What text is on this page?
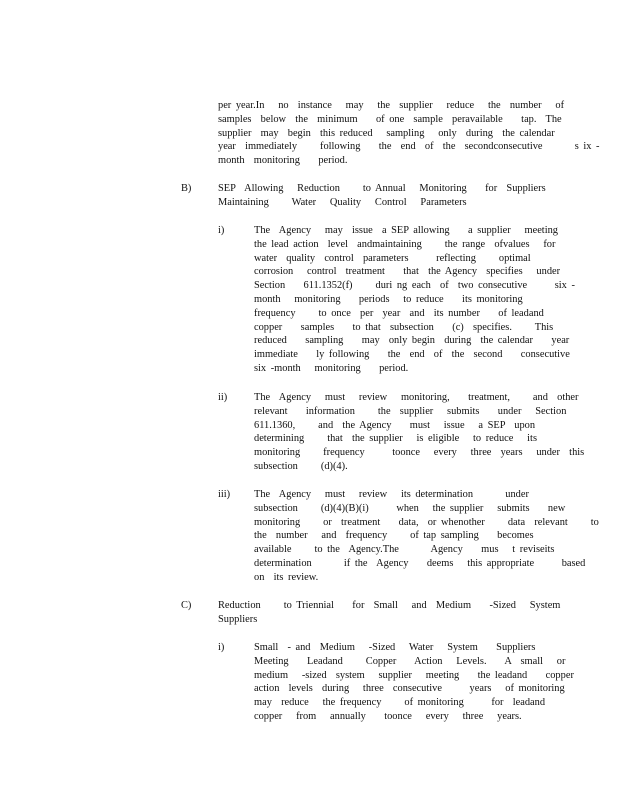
per year.In   no  instance   may   the  supplier   reduce   the  number   of
samples  below  the  minimum    of one  sample  peravailable    tap.  The
supplier  may  begin  this reduced   sampling   only  during  the calendar
year  immediately     following    the  end  of  the  secondconsecutive       s ix -
month  monitoring    period.
B)	SEP  Allowing   Reduction     to Annual   Monitoring    for  Suppliers
Maintaining     Water   Quality   Control   Parameters
i)	The  Agency   may  issue  a SEP allowing    a supplier   meeting
the lead action  level  andmaintaining     the range  ofvalues   for
water  quality  control  parameters      reflecting     optimal
corrosion   control  treatment    that  the Agency  specifies   under
Section    611.1352(f)     duri ng each  of  two consecutive      six -
month   monitoring    periods   to reduce    its monitoring
frequency     to once  per  year  and  its number    of leadand
copper    samples    to that  subsection    (c)  specifies.     This
reduced    sampling    may  only begin  during  the calendar    year
immediate    ly following    the  end  of  the  second    consecutive
six -month   monitoring    period.
ii)	The  Agency   must   review   monitoring,    treatment,     and  other
relevant    information     the  supplier   submits    under   Section
611.1360,     and  the Agency    must   issue   a SEP  upon
determining     that  the supplier   is eligible   to reduce   its
monitoring     frequency      toonce   every   three  years   under  this
subsection     (d)(4).
iii) The  Agency   must   review   its determination       under
subsection     (d)(4)(B)(i)      when   the supplier   submits    new
monitoring     or  treatment    data,  or whenother     data  relevant     to
the  number   and  frequency     of tap sampling    becomes
available     to the  Agency.The       Agency    mus   t reviseits
determination       if the  Agency    deems   this appropriate      based
on  its review.
C)	Reduction     to Triennial    for  Small   and  Medium    -Sized   System
Suppliers
i)	Small  - and  Medium   -Sized   Water   System    Suppliers
Meeting    Leadand     Copper    Action   Levels.    A  small   or
medium   -sized  system   supplier   meeting    the leadand    copper
action  levels  during   three  consecutive      years   of monitoring
may  reduce   the frequency     of monitoring      for  leadand
copper   from   annually    toonce   every   three   years.
